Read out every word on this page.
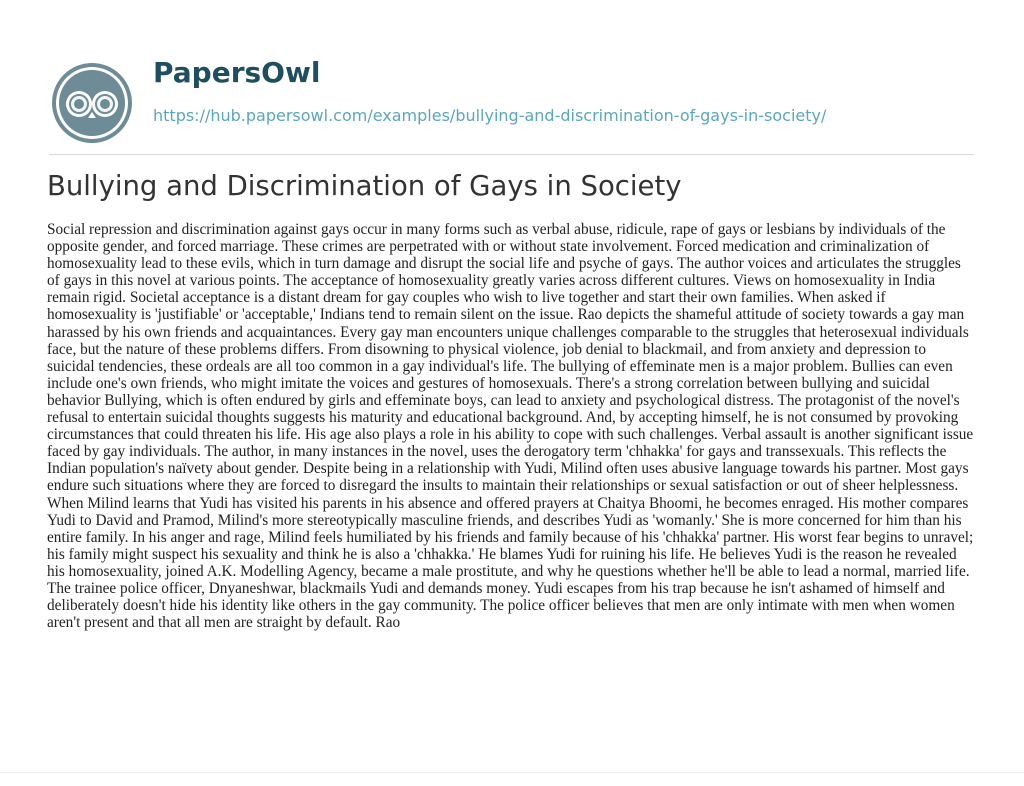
PapersOwl
https://hub.papersowl.com/examples/bullying-and-discrimination-of-gays-in-society/
Bullying and Discrimination of Gays in Society

Social repression and discrimination against gays occur in many forms such as verbal abuse, ridicule, rape of gays or lesbians by individuals of the opposite gender, and forced marriage. These crimes are perpetrated with or without state involvement. Forced medication and criminalization of homosexuality lead to these evils, which in turn damage and disrupt the social life and psyche of gays. The author voices and articulates the struggles of gays in this novel at various points. The acceptance of homosexuality greatly varies across different cultures. Views on homosexuality in India remain rigid. Societal acceptance is a distant dream for gay couples who wish to live together and start their own families. When asked if homosexuality is 'justifiable' or 'acceptable,' Indians tend to remain silent on the issue. Rao depicts the shameful attitude of society towards a gay man harassed by his own friends and acquaintances. Every gay man encounters unique challenges comparable to the struggles that heterosexual individuals face, but the nature of these problems differs. From disowning to physical violence, job denial to blackmail, and from anxiety and depression to suicidal tendencies, these ordeals are all too common in a gay individual's life. The bullying of effeminate men is a major problem. Bullies can even include one's own friends, who might imitate the voices and gestures of homosexuals. There's a strong correlation between bullying and suicidal behavior Bullying, which is often endured by girls and effeminate boys, can lead to anxiety and psychological distress. The protagonist of the novel's refusal to entertain suicidal thoughts suggests his maturity and educational background. And, by accepting himself, he is not consumed by provoking circumstances that could threaten his life. His age also plays a role in his ability to cope with such challenges. Verbal assault is another significant issue faced by gay individuals. The author, in many instances in the novel, uses the derogatory term 'chhakka' for gays and transsexuals. This reflects the Indian population's naïvety about gender. Despite being in a relationship with Yudi, Milind often uses abusive language towards his partner. Most gays endure such situations where they are forced to disregard the insults to maintain their relationships or sexual satisfaction or out of sheer helplessness. When Milind learns that Yudi has visited his parents in his absence and offered prayers at Chaitya Bhoomi, he becomes enraged. His mother compares Yudi to David and Pramod, Milind's more stereotypically masculine friends, and describes Yudi as 'womanly.' She is more concerned for him than his entire family. In his anger and rage, Milind feels humiliated by his friends and family because of his 'chhakka' partner. His worst fear begins to unravel; his family might suspect his sexuality and think he is also a 'chhakka.' He blames Yudi for ruining his life. He believes Yudi is the reason he revealed his homosexuality, joined A.K. Modelling Agency, became a male prostitute, and why he questions whether he'll be able to lead a normal, married life. The trainee police officer, Dnyaneshwar, blackmails Yudi and demands money. Yudi escapes from his trap because he isn't ashamed of himself and deliberately doesn't hide his identity like others in the gay community. The police officer believes that men are only intimate with men when women aren't present and that all men are straight by default. Rao
